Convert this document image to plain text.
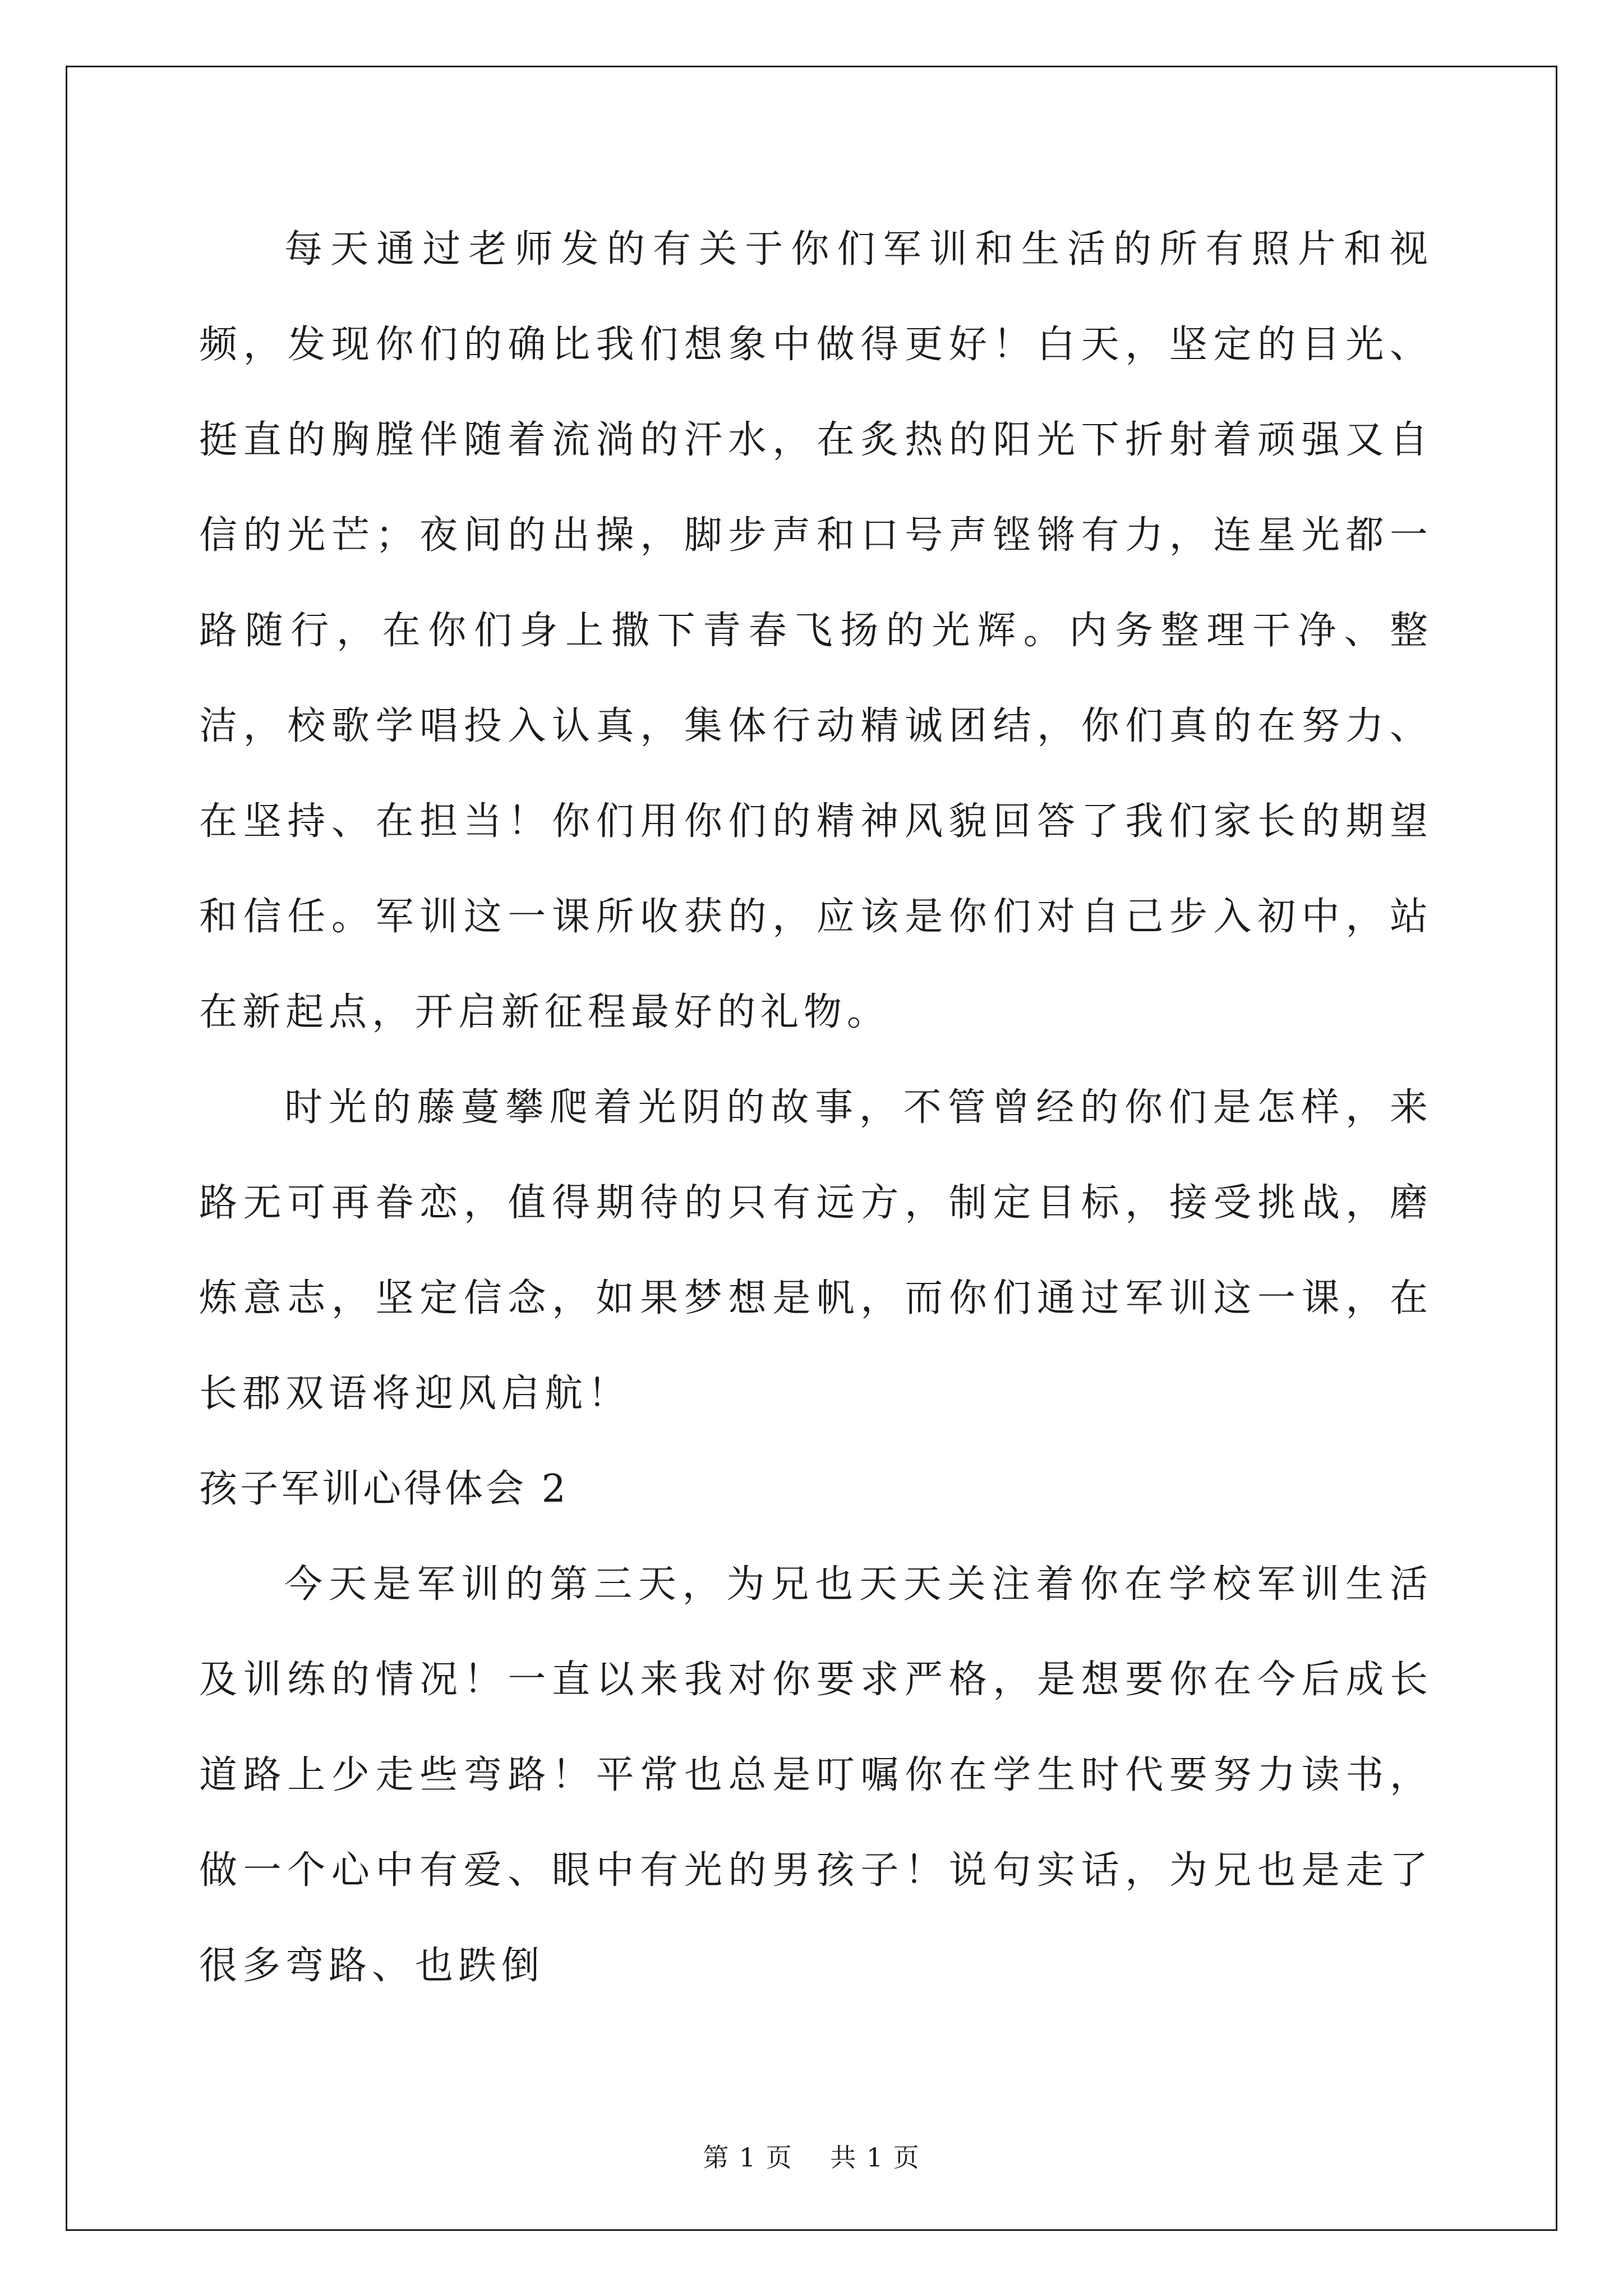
每天通过老师发的有关于你们军训和生活的所有照片和视频，发现你们的确比我们想象中做得更好！白天，坚定的目光、挺直的胸膛伴随着流淌的汗水，在炙热的阳光下折射着顽强又自信的光芒；夜间的出操，脚步声和口号声铿锵有力，连星光都一路随行，在你们身上撒下青春飞扬的光辉。内务整理干净、整洁，校歌学唱投入认真，集体行动精诚团结，你们真的在努力、在坚持、在担当！你们用你们的精神风貌回答了我们家长的期望和信任。军训这一课所收获的，应该是你们对自己步入初中，站在新起点，开启新征程最好的礼物。

时光的藤蔓攀爬着光阴的故事，不管曾经的你们是怎样，来路无可再眷恋，值得期待的只有远方，制定目标，接受挑战，磨炼意志，坚定信念，如果梦想是帆，而你们通过军训这一课，在长郡双语将迎风启航！

孩子军训心得体会 2

今天是军训的第三天，为兄也天天关注着你在学校军训生活及训练的情况！一直以来我对你要求严格，是想要你在今后成长道路上少走些弯路！平常也总是叮嘱你在学生时代要努力读书，做一个心中有爱、眼中有光的男孩子！说句实话，为兄也是走了很多弯路、也跌倒

第 1 页 共 1 页
